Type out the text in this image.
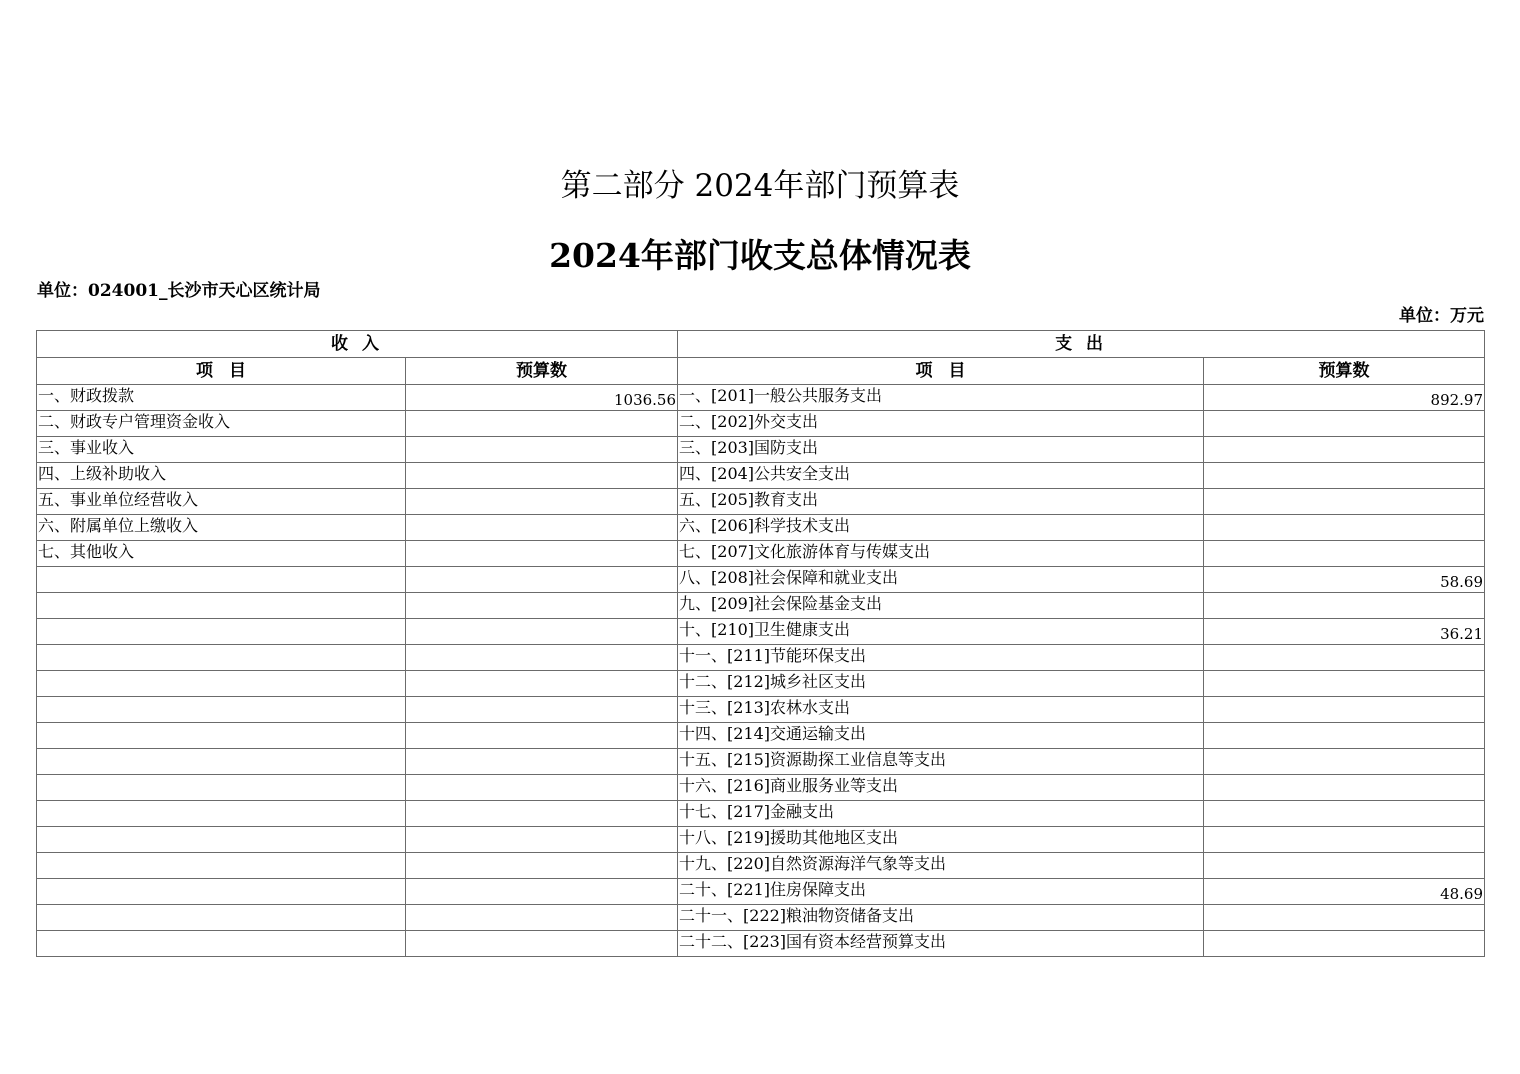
第二部分 2024年部门预算表
2024年部门收支总体情况表
单位：024001_长沙市天心区统计局
单位：万元
收 入		支 出	
项 目	预算数	项 目	预算数
一、财政拨款	1036.56	一、[201]一般公共服务支出	892.97
二、财政专户管理资金收入		二、[202]外交支出	
三、事业收入		三、[203]国防支出	
四、上级补助收入		四、[204]公共安全支出	
五、事业单位经营收入		五、[205]教育支出	
六、附属单位上缴收入		六、[206]科学技术支出	
七、其他收入		七、[207]文化旅游体育与传媒支出	
		八、[208]社会保障和就业支出	58.69
		九、[209]社会保险基金支出	
		十、[210]卫生健康支出	36.21
		十一、[211]节能环保支出	
		十二、[212]城乡社区支出	
		十三、[213]农林水支出	
		十四、[214]交通运输支出	
		十五、[215]资源勘探工业信息等支出	
		十六、[216]商业服务业等支出	
		十七、[217]金融支出	
		十八、[219]援助其他地区支出	
		十九、[220]自然资源海洋气象等支出	
		二十、[221]住房保障支出	48.69
		二十一、[222]粮油物资储备支出	
		二十二、[223]国有资本经营预算支出	
